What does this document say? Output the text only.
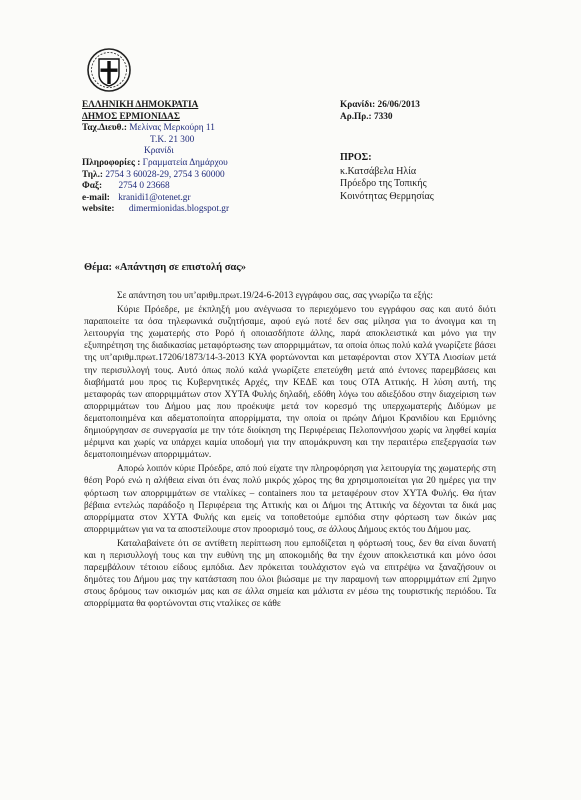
ΕΛΛΗΝΙΚΗ ΔΗΜΟΚΡΑΤΙΑ
ΔΗΜΟΣ ΕΡΜΙΟΝΙΔΑΣ
Ταχ.Διευθ.: Μελίνας Μερκούρη 11
Τ.Κ. 21 300
Κρανίδι
Πληροφορίες : Γραμματεία Δημάρχου
Τηλ.: 2754 3 60028-29, 2754 3 60000
Φαξ: 2754 0 23668
e-mail: kranidi1@otenet.gr
website: dimermionidas.blogspot.gr
Κρανίδι: 26/06/2013
Αρ.Πρ.: 7330
ΠΡΟΣ:
κ.Κατσάβελα Ηλία
Πρόεδρο της Τοπικής
Κοινότητας Θερμησίας
Θέμα: «Απάντηση σε επιστολή σας»

Σε απάντηση του υπ’αριθμ.πρωτ.19/24-6-2013 εγγράφου σας, σας γνωρίζω τα εξής:

Κύριε Πρόεδρε, με έκπληξή μου ανέγνωσα το περιεχόμενο του εγγράφου σας και αυτό διότι παραποιείτε τα όσα τηλεφωνικά συζητήσαμε, αφού εγώ ποτέ δεν σας μίλησα για το άνοιγμα και τη λειτουργία της χωματερής στο Ρορό ή οποιασδήποτε άλλης, παρά αποκλειστικά και μόνο για την εξυπηρέτηση της διαδικασίας μεταφόρτωσης των απορριμμάτων, τα οποία όπως πολύ καλά γνωρίζετε βάσει της υπ’αριθμ.πρωτ.17206/1873/14-3-2013 ΚΥΑ φορτώνονται και μεταφέρονται στον ΧΥΤΑ Λιοσίων μετά την περισυλλογή τους. Αυτό όπως πολύ καλά γνωρίζετε επετεύχθη μετά από έντονες παρεμβάσεις και διαβήματά μου προς τις Κυβερνητικές Αρχές, την ΚΕΔΕ και τους ΟΤΑ Αττικής. Η λύση αυτή, της μεταφοράς των απορριμμάτων στον ΧΥΤΑ Φυλής δηλαδή, εδόθη λόγω του αδιεξόδου στην διαχείριση των απορριμμάτων του Δήμου μας που προέκυψε μετά τον κορεσμό της υπερχωματερής Διδύμων με δεματοποιημένα και αδεματοποίητα απορρίμματα, την οποία οι πρώην Δήμοι Κρανιδίου και Ερμιόνης δημιούργησαν σε συνεργασία με την τότε διοίκηση της Περιφέρειας Πελοποννήσου χωρίς να ληφθεί καμία μέριμνα και χωρίς να υπάρχει καμία υποδομή για την απομάκρυνση και την περαιτέρω επεξεργασία των δεματοποιημένων απορριμμάτων.

Απορώ λοιπόν κύριε Πρόεδρε, από πού είχατε την πληροφόρηση για λειτουργία της χωματερής στη θέση Ρορό ενώ η αλήθεια είναι ότι ένας πολύ μικρός χώρος της θα χρησιμοποιείται για 20 ημέρες για την φόρτωση των απορριμμάτων σε νταλίκες – containers που τα μεταφέρουν στον ΧΥΤΑ Φυλής. Θα ήταν βέβαια εντελώς παράδοξο η Περιφέρεια της Αττικής και οι Δήμοι της Αττικής να δέχονται τα δικά μας απορρίμματα στον ΧΥΤΑ Φυλής και εμείς να τοποθετούμε εμπόδια στην φόρτωση των δικών μας απορριμμάτων για να τα αποστείλουμε στον προορισμό τους, σε άλλους Δήμους εκτός του Δήμου μας.

Καταλαβαίνετε ότι σε αντίθετη περίπτωση που εμποδίζεται η φόρτωσή τους, δεν θα είναι δυνατή και η περισυλλογή τους και την ευθύνη της μη αποκομιδής θα την έχουν αποκλειστικά και μόνο όσοι παρεμβάλουν τέτοιου είδους εμπόδια. Δεν πρόκειται τουλάχιστον εγώ να επιτρέψω να ξαναζήσουν οι δημότες του Δήμου μας την κατάσταση που όλοι βιώσαμε με την παραμονή των απορριμμάτων επί 2μηνο στους δρόμους των οικισμών μας και σε άλλα σημεία και μάλιστα εν μέσω της τουριστικής περιόδου. Τα απορρίμματα θα φορτώνονται στις νταλίκες σε κάθε
